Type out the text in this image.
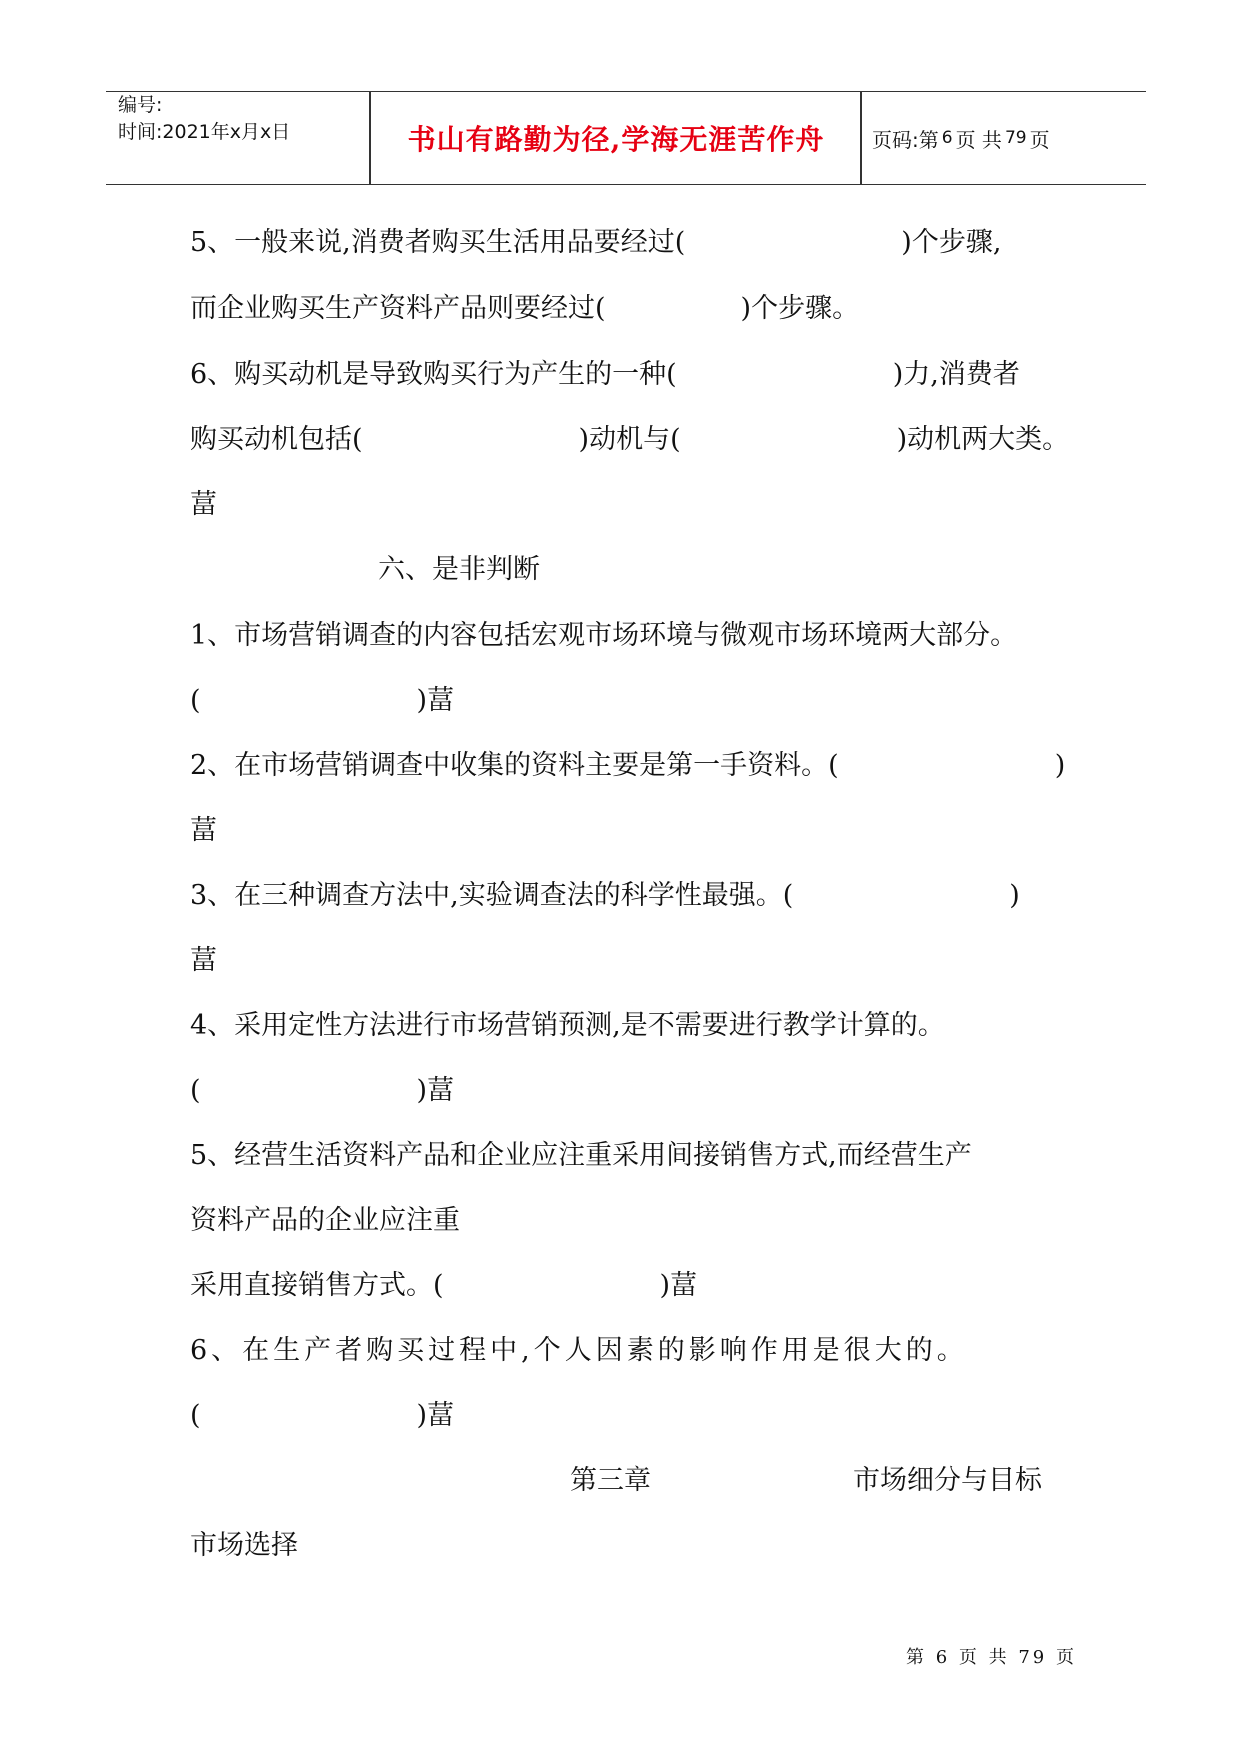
编号:
时间:2021年x月x日	书山有路勤为径,学海无涯苦作舟	页码:第 6 页 共 79 页
5、一般来说,消费者购买生活用品要经过(　　　　　　　　)个步骤,
而企业购买生产资料产品则要经过(　　　　　)个步骤。
6、购买动机是导致购买行为产生的一种(　　　　　　　　)力,消费者
购买动机包括(　　　　　　　　)动机与(　　　　　　　　)动机两大类。
葍
六、是非判断
1、市场营销调查的内容包括宏观市场环境与微观市场环境两大部分。
(　　　　　　　　)葍
2、在市场营销调查中收集的资料主要是第一手资料。(　　　　　　　　)
葍
3、在三种调查方法中,实验调查法的科学性最强。(　　　　　　　　)
葍
4、采用定性方法进行市场营销预测,是不需要进行教学计算的。
(　　　　　　　　)葍
5、经营生活资料产品和企业应注重采用间接销售方式,而经营生产
资料产品的企业应注重
采用直接销售方式。(　　　　　　　　)葍
6、在生产者购买过程中,个人因素的影响作用是很大的。
(　　　　　　　　)葍
第三章	市场细分与目标
市场选择
第 6 页 共 79 页
